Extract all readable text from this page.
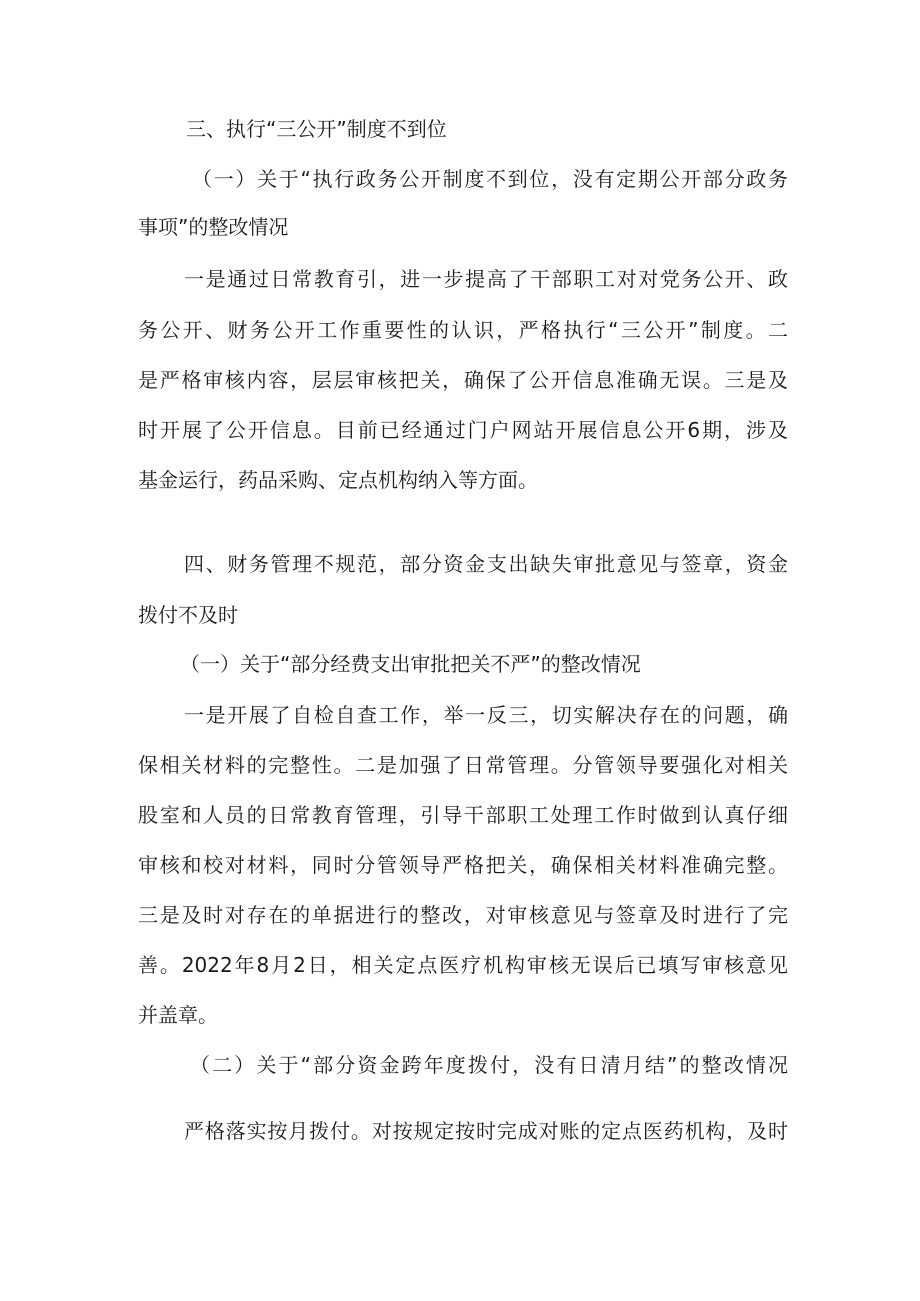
三、执行“三公开”制度不到位
（一）关于“执行政务公开制度不到位，没有定期公开部分政务
事项”的整改情况
一是通过日常教育引，进一步提高了干部职工对对党务公开、政
务公开、财务公开工作重要性的认识，严格执行“三公开”制度。二
是严格审核内容，层层审核把关，确保了公开信息准确无误。三是及
时开展了公开信息。目前已经通过门户网站开展信息公开6期，涉及
基金运行，药品采购、定点机构纳入等方面。
四、财务管理不规范，部分资金支出缺失审批意见与签章，资金
拨付不及时
（一）关于“部分经费支出审批把关不严”的整改情况
一是开展了自检自查工作，举一反三，切实解决存在的问题，确
保相关材料的完整性。二是加强了日常管理。分管领导要强化对相关
股室和人员的日常教育管理，引导干部职工处理工作时做到认真仔细
审核和校对材料，同时分管领导严格把关，确保相关材料准确完整。
三是及时对存在的单据进行的整改，对审核意见与签章及时进行了完
善。2022年8月2日，相关定点医疗机构审核无误后已填写审核意见
并盖章。
（二）关于“部分资金跨年度拨付，没有日清月结”的整改情况
严格落实按月拨付。对按规定按时完成对账的定点医药机构，及时
